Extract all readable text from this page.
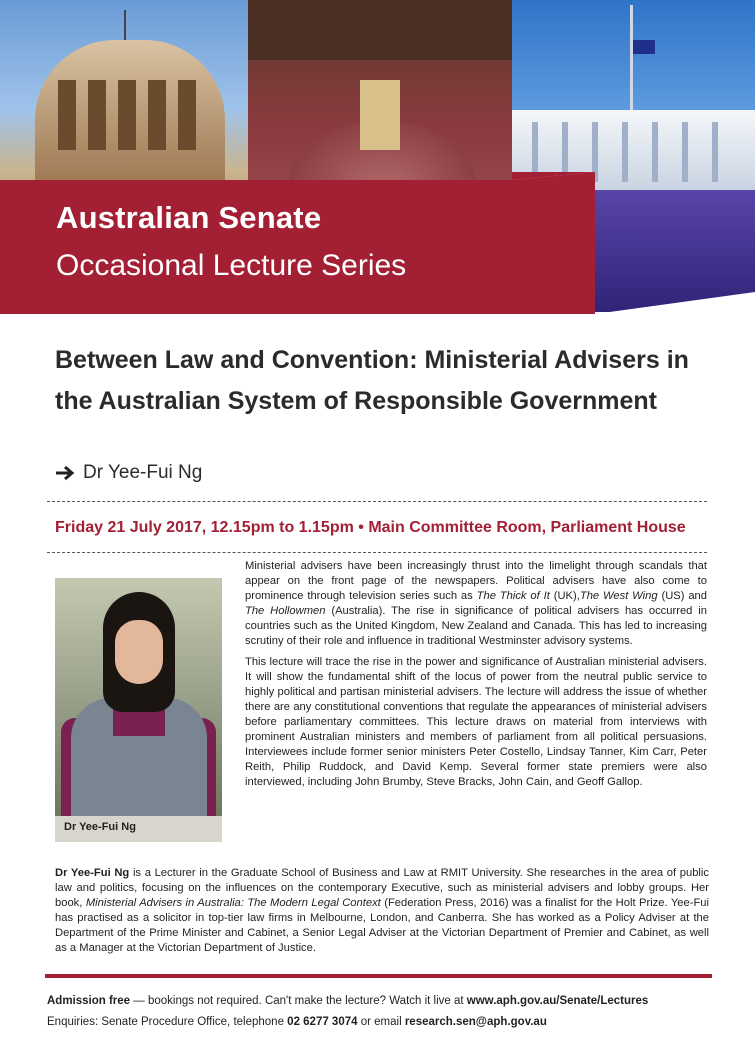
Australian Senate
Occasional Lecture Series
Between Law and Convention: Ministerial Advisers in the Australian System of Responsible Government
Dr Yee-Fui Ng
Friday 21 July 2017, 12.15pm to 1.15pm • Main Committee Room, Parliament House
Dr Yee-Fui Ng

Ministerial advisers have been increasingly thrust into the limelight through scandals that appear on the front page of the newspapers. Political advisers have also come to prominence through television series such as The Thick of It (UK),The West Wing (US) and The Hollowmen (Australia). The rise in significance of political advisers has occurred in countries such as the United Kingdom, New Zealand and Canada. This has led to increasing scrutiny of their role and influence in traditional Westminster advisory systems.

This lecture will trace the rise in the power and significance of Australian ministerial advisers. It will show the fundamental shift of the locus of power from the neutral public service to highly political and partisan ministerial advisers. The lecture will address the issue of whether there are any constitutional conventions that regulate the appearances of ministerial advisers before parliamentary committees. This lecture draws on material from interviews with prominent Australian ministers and members of parliament from all political persuasions. Interviewees include former senior ministers Peter Costello, Lindsay Tanner, Kim Carr, Peter Reith, Philip Ruddock, and David Kemp. Several former state premiers were also interviewed, including John Brumby, Steve Bracks, John Cain, and Geoff Gallop.

Dr Yee-Fui Ng is a Lecturer in the Graduate School of Business and Law at RMIT University. She researches in the area of public law and politics, focusing on the influences on the contemporary Executive, such as ministerial advisers and lobby groups. Her book, Ministerial Advisers in Australia: The Modern Legal Context (Federation Press, 2016) was a finalist for the Holt Prize. Yee-Fui has practised as a solicitor in top-tier law firms in Melbourne, London, and Canberra. She has worked as a Policy Adviser at the Department of the Prime Minister and Cabinet, a Senior Legal Adviser at the Victorian Department of Premier and Cabinet, as well as a Manager at the Victorian Department of Justice.

Admission free — bookings not required. Can't make the lecture? Watch it live at www.aph.gov.au/Senate/Lectures
Enquiries: Senate Procedure Office, telephone 02 6277 3074 or email research.sen@aph.gov.au
